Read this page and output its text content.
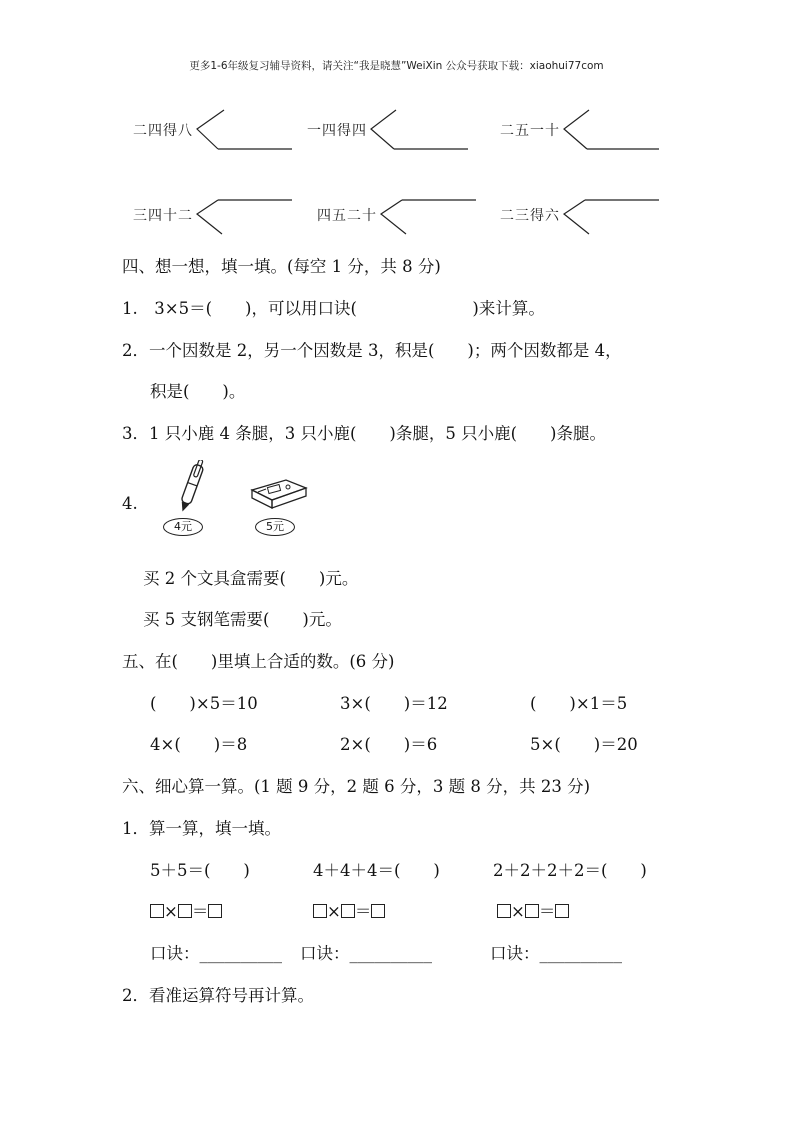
更多1-6年级复习辅导资料，请关注“我是晓慧”WeiXin 公众号获取下载：xiaohui77com
二四得八	一四得四	二五一十
三四十二	四五二十	二三得六
四、想一想，填一填。(每空 1 分，共 8 分)
1.　3×5＝(　　)，可以用口诀(　　　　　　　)来计算。
2．一个因数是 2，另一个因数是 3，积是(　　)；两个因数都是 4，
积是(　　)。
3．1 只小鹿 4 条腿，3 只小鹿(　　)条腿，5 只小鹿(　　)条腿。
4.
4元	5元
买 2 个文具盒需要(　　)元。
买 5 支钢笔需要(　　)元。
五、在(　　)里填上合适的数。(6 分)
(　　)×5＝10	3×(　　)＝12	(　　)×1＝5
4×(　　)＝8	2×(　　)＝6	5×(　　)＝20
六、细心算一算。(1 题 9 分，2 题 6 分，3 题 8 分，共 23 分)
1．算一算，填一填。
5＋5＝(　　)	4＋4＋4＝(　　)	2＋2＋2＋2＝(　　)
× ＝	× ＝	× ＝
口诀：__________ 口诀：__________	口诀：__________
2．看准运算符号再计算。
